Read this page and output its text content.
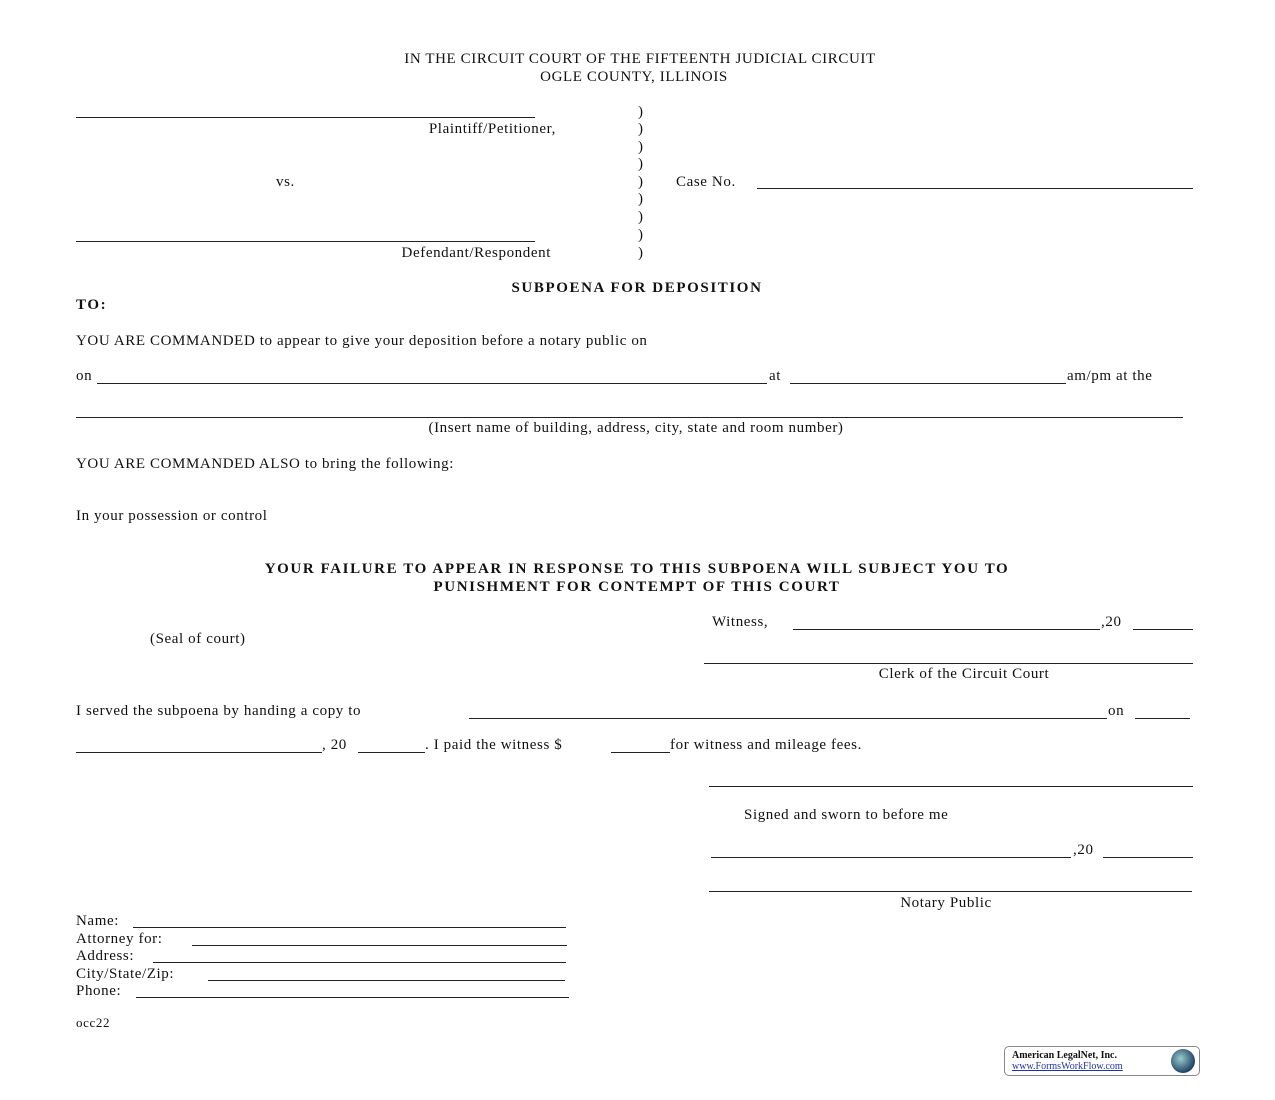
IN THE CIRCUIT COURT OF THE FIFTEENTH JUDICIAL CIRCUIT
OGLE COUNTY, ILLINOIS
Plaintiff/Petitioner,
vs.
Defendant/Respondent
)
)
)
)
)
)
)
)
)
Case No.
SUBPOENA FOR DEPOSITION
TO:
YOU ARE COMMANDED to appear to give your deposition before a notary public on
on	at	am/pm at the
(Insert name of building, address, city, state and room number)
YOU ARE COMMANDED ALSO to bring the following:
In your possession or control
YOUR FAILURE TO APPEAR IN RESPONSE TO THIS SUBPOENA WILL SUBJECT YOU TO
PUNISHMENT FOR CONTEMPT OF THIS COURT
Witness,	,20
(Seal of court)
Clerk of the Circuit Court
I served the subpoena by handing a copy to	on
, 20	. I paid the witness $	for witness and mileage fees.
Signed and sworn to before me
,20
Notary Public
Name:
Attorney for:
Address:
City/State/Zip:
Phone:
occ22
American LegalNet, Inc.
www.FormsWorkFlow.com
